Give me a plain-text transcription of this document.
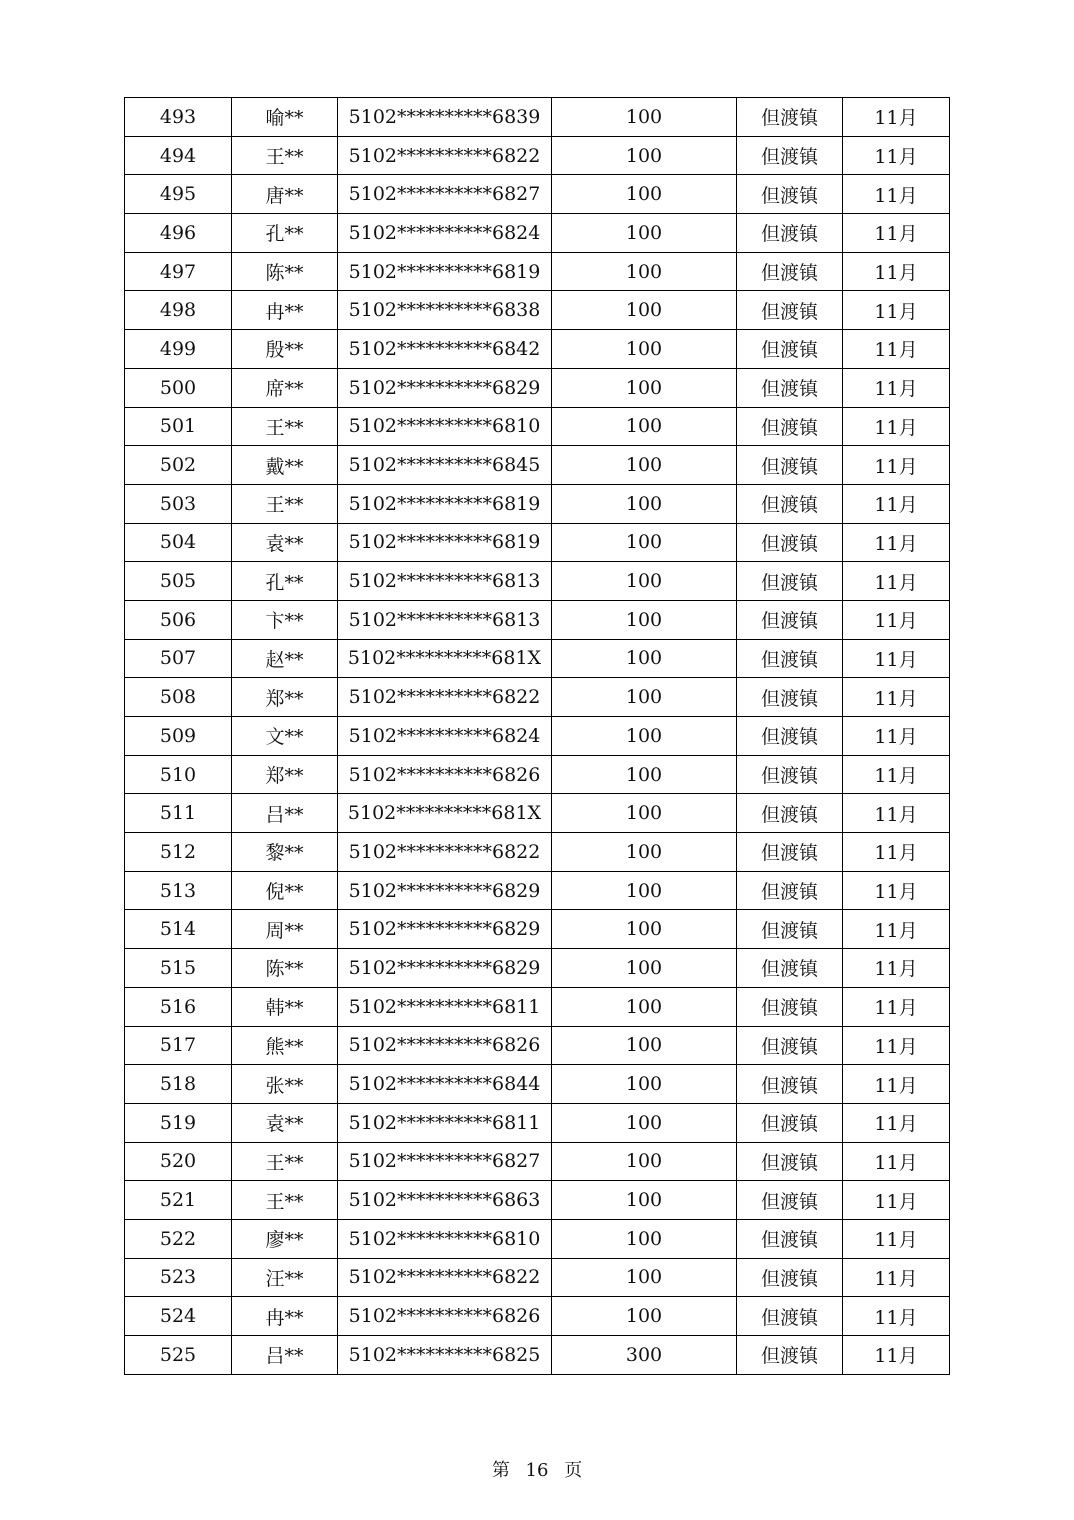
493	喻**	5102**********6839	100	但渡镇	11月
494	王**	5102**********6822	100	但渡镇	11月
495	唐**	5102**********6827	100	但渡镇	11月
496	孔**	5102**********6824	100	但渡镇	11月
497	陈**	5102**********6819	100	但渡镇	11月
498	冉**	5102**********6838	100	但渡镇	11月
499	殷**	5102**********6842	100	但渡镇	11月
500	席**	5102**********6829	100	但渡镇	11月
501	王**	5102**********6810	100	但渡镇	11月
502	戴**	5102**********6845	100	但渡镇	11月
503	王**	5102**********6819	100	但渡镇	11月
504	袁**	5102**********6819	100	但渡镇	11月
505	孔**	5102**********6813	100	但渡镇	11月
506	卞**	5102**********6813	100	但渡镇	11月
507	赵**	5102**********681X	100	但渡镇	11月
508	郑**	5102**********6822	100	但渡镇	11月
509	文**	5102**********6824	100	但渡镇	11月
510	郑**	5102**********6826	100	但渡镇	11月
511	吕**	5102**********681X	100	但渡镇	11月
512	黎**	5102**********6822	100	但渡镇	11月
513	倪**	5102**********6829	100	但渡镇	11月
514	周**	5102**********6829	100	但渡镇	11月
515	陈**	5102**********6829	100	但渡镇	11月
516	韩**	5102**********6811	100	但渡镇	11月
517	熊**	5102**********6826	100	但渡镇	11月
518	张**	5102**********6844	100	但渡镇	11月
519	袁**	5102**********6811	100	但渡镇	11月
520	王**	5102**********6827	100	但渡镇	11月
521	王**	5102**********6863	100	但渡镇	11月
522	廖**	5102**********6810	100	但渡镇	11月
523	汪**	5102**********6822	100	但渡镇	11月
524	冉**	5102**********6826	100	但渡镇	11月
525	吕**	5102**********6825	300	但渡镇	11月
第 16 页
